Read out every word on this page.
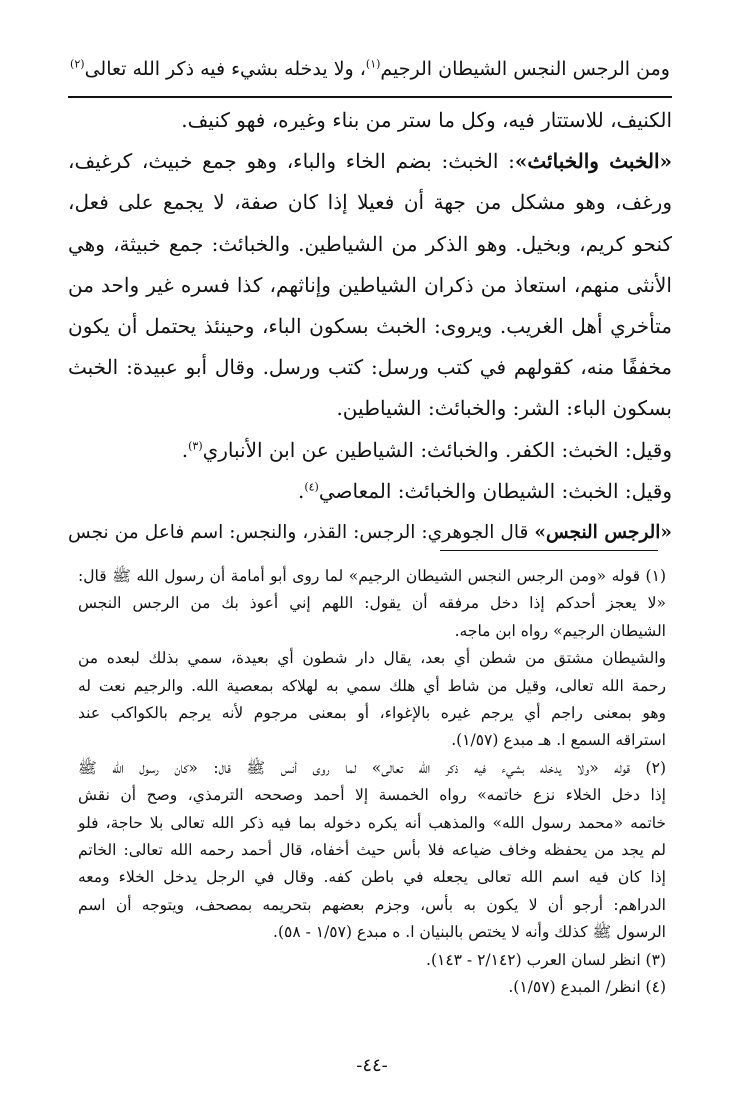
ومن الرجس النجس الشيطان الرجيم$^{(١)}$، ولا يدخله بشيء فيه ذكر الله تعالى$^{(٢)}$

الكنيف، للاستتار فيه، وكل ما ستر من بناء وغيره، فهو كنيف.

«الخبث والخبائث»: الخبث: بضم الخاء والباء، وهو جمع خبيث، كرغيف،

ورغف، وهو مشكل من جهة أن فعيلا إذا كان صفة، لا يجمع على فعل،

كنحو كريم، وبخيل. وهو الذكر من الشياطين. والخبائث: جمع خبيثة، وهي

الأنثى منهم، استعاذ من ذكران الشياطين وإناثهم، كذا فسره غير واحد من

متأخري أهل الغريب. ويروى: الخبث بسكون الباء، وحينئذ يحتمل أن يكون

مخففًا منه، كقولهم في كتب ورسل: كتب ورسل. وقال أبو عبيدة: الخبث

بسكون الباء: الشر: والخبائث: الشياطين.

وقيل: الخبث: الكفر. والخبائث: الشياطين عن ابن الأنباري$^{(٣)}$.

وقيل: الخبث: الشيطان والخبائث: المعاصي$^{(٤)}$.

«الرجس النجس» قال الجوهري: الرجس: القذر، والنجس: اسم فاعل من نجس

(١) قوله «ومن الرجس النجس الشيطان الرجيم» لما روى أبو أمامة أن رسول الله ﷺ قال:

«لا يعجز أحدكم إذا دخل مرفقه أن يقول: اللهم إني أعوذ بك من الرجس النجس

الشيطان الرجيم» رواه ابن ماجه.

والشيطان مشتق من شطن أي بعد، يقال دار شطون أي بعيدة، سمي بذلك لبعده من

رحمة الله تعالى، وقيل من شاط أي هلك سمي به لهلاكه بمعصية الله. والرجيم نعت له

وهو بمعنى راجم أي يرجم غيره بالإغواء، أو بمعنى مرجوم لأنه يرجم بالكواكب عند

استراقه السمع ا. هـ مبدع (١/٥٧).

(٢) قوله «ولا يدخله بشيء فيه ذكر الله تعالى» لما روى أنس ﷺ قال: «كان رسول الله ﷺ

إذا دخل الخلاء نزع خاتمه» رواه الخمسة إلا أحمد وصححه الترمذي، وصح أن نقش

خاتمه «محمد رسول الله» والمذهب أنه يكره دخوله بما فيه ذكر الله تعالى بلا حاجة، فلو

لم يجد من يحفظه وخاف ضياعه فلا بأس حيث أخفاه، قال أحمد رحمه الله تعالى: الخاتم

إذا كان فيه اسم الله تعالى يجعله في باطن كفه. وقال في الرجل يدخل الخلاء ومعه

الدراهم: أرجو أن لا يكون به بأس، وجزم بعضهم بتحريمه بمصحف، ويتوجه أن اسم

الرسول ﷺ كذلك وأنه لا يختص بالبنيان ا. ه مبدع (١/٥٧ - ٥٨).

(٣) انظر لسان العرب (٢/١٤٢ - ١٤٣).

(٤) انظر/ المبدع (١/٥٧).

-٤٤-
